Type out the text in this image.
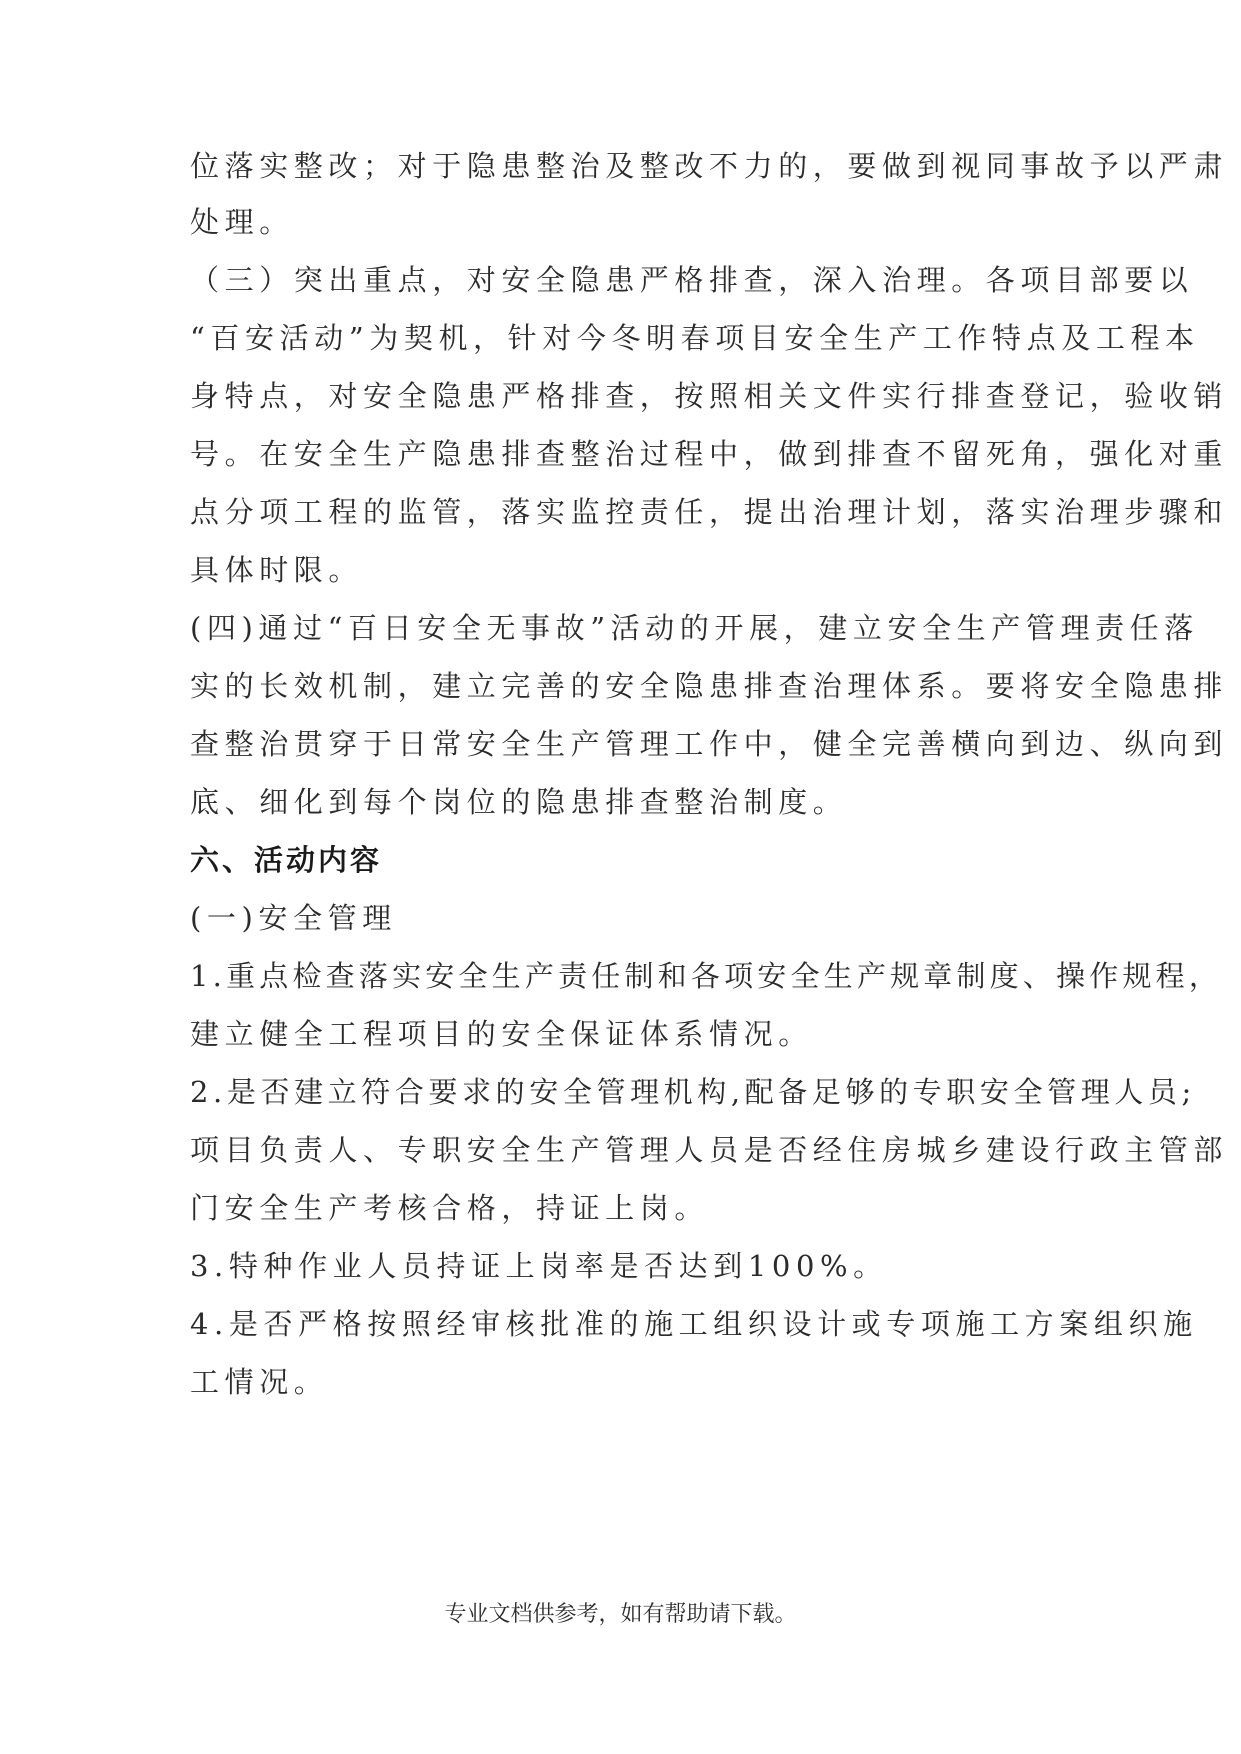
位落实整改；对于隐患整治及整改不力的，要做到视同事故予以严肃
处理。
（三）突出重点，对安全隐患严格排查，深入治理。各项目部要以
“百安活动”为契机，针对今冬明春项目安全生产工作特点及工程本
身特点，对安全隐患严格排查，按照相关文件实行排查登记，验收销
号。在安全生产隐患排查整治过程中，做到排查不留死角，强化对重
点分项工程的监管，落实监控责任，提出治理计划，落实治理步骤和
具体时限。
(四)通过“百日安全无事故”活动的开展，建立安全生产管理责任落
实的长效机制，建立完善的安全隐患排查治理体系。要将安全隐患排
查整治贯穿于日常安全生产管理工作中，健全完善横向到边、纵向到
底、细化到每个岗位的隐患排查整治制度。
六、活动内容
(一)安全管理
1.重点检查落实安全生产责任制和各项安全生产规章制度、操作规程，
建立健全工程项目的安全保证体系情况。
2.是否建立符合要求的安全管理机构,配备足够的专职安全管理人员;
项目负责人、专职安全生产管理人员是否经住房城乡建设行政主管部
门安全生产考核合格，持证上岗。
3.特种作业人员持证上岗率是否达到100%。
4.是否严格按照经审核批准的施工组织设计或专项施工方案组织施
工情况。
专业文档供参考，如有帮助请下载。
